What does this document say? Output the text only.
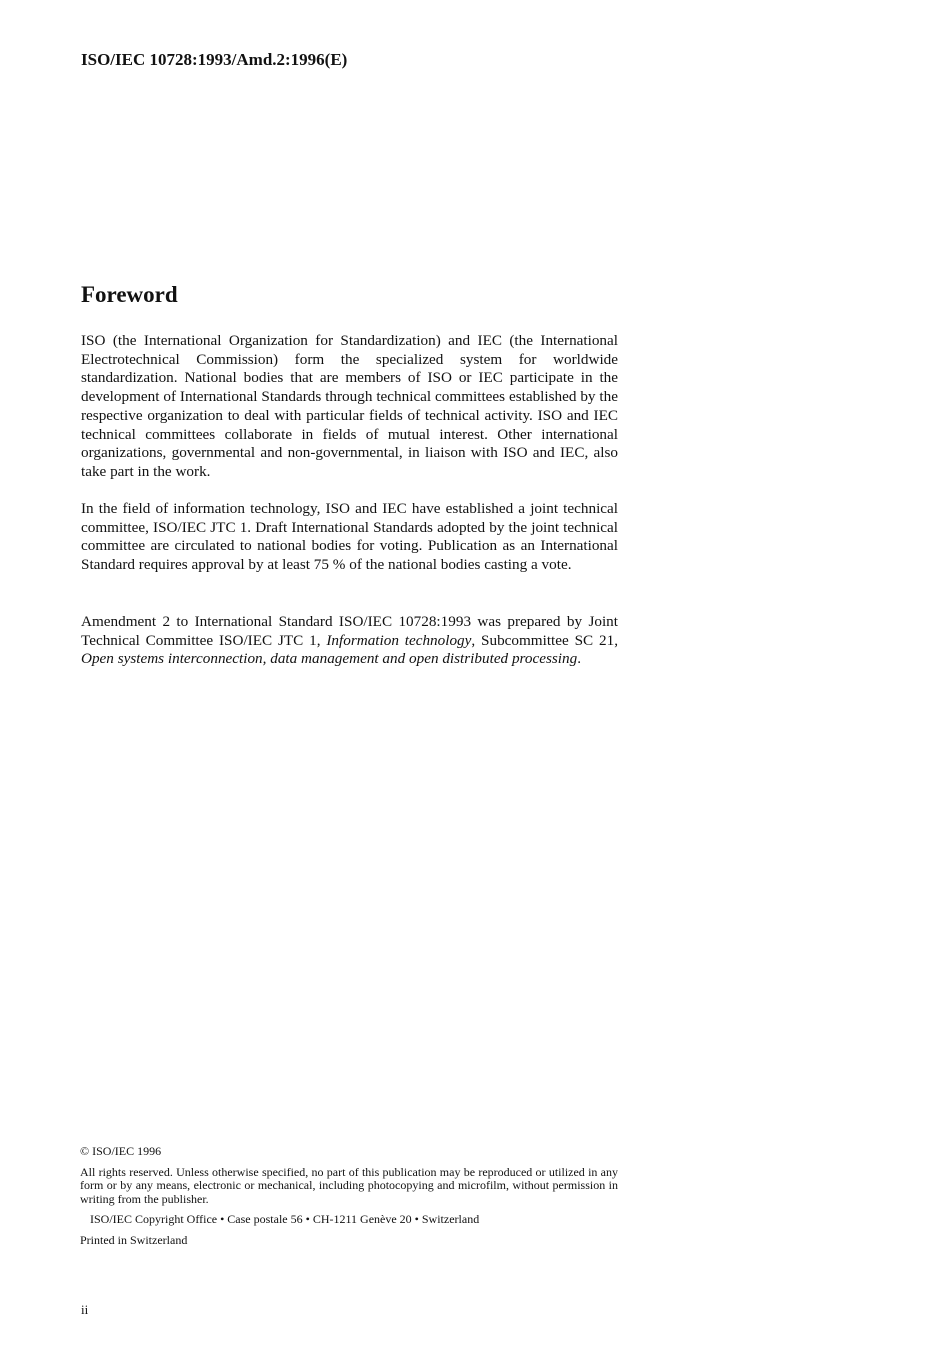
ISO/IEC 10728:1993/Amd.2:1996(E)
Foreword

ISO (the International Organization for Standardization) and IEC (the International Electrotechnical Commission) form the specialized system for worldwide standardization. National bodies that are members of ISO or IEC participate in the development of International Standards through technical committees established by the respective organization to deal with particular fields of technical activity. ISO and IEC technical committees collaborate in fields of mutual interest. Other international organizations, governmental and non-governmental, in liaison with ISO and IEC, also take part in the work.

In the field of information technology, ISO and IEC have established a joint technical committee, ISO/IEC JTC 1. Draft International Standards adopted by the joint technical committee are circulated to national bodies for voting. Publication as an International Standard requires approval by at least 75 % of the national bodies casting a vote.

Amendment 2 to International Standard ISO/IEC 10728:1993 was prepared by Joint Technical Committee ISO/IEC JTC 1, Information technology, Subcommittee SC 21, Open systems interconnection, data management and open distributed processing.

© ISO/IEC 1996

All rights reserved. Unless otherwise specified, no part of this publication may be reproduced or utilized in any form or by any means, electronic or mechanical, including photocopying and microfilm, without permission in writing from the publisher.

ISO/IEC Copyright Office • Case postale 56 • CH-1211 Genève 20 • Switzerland

Printed in Switzerland

ii
